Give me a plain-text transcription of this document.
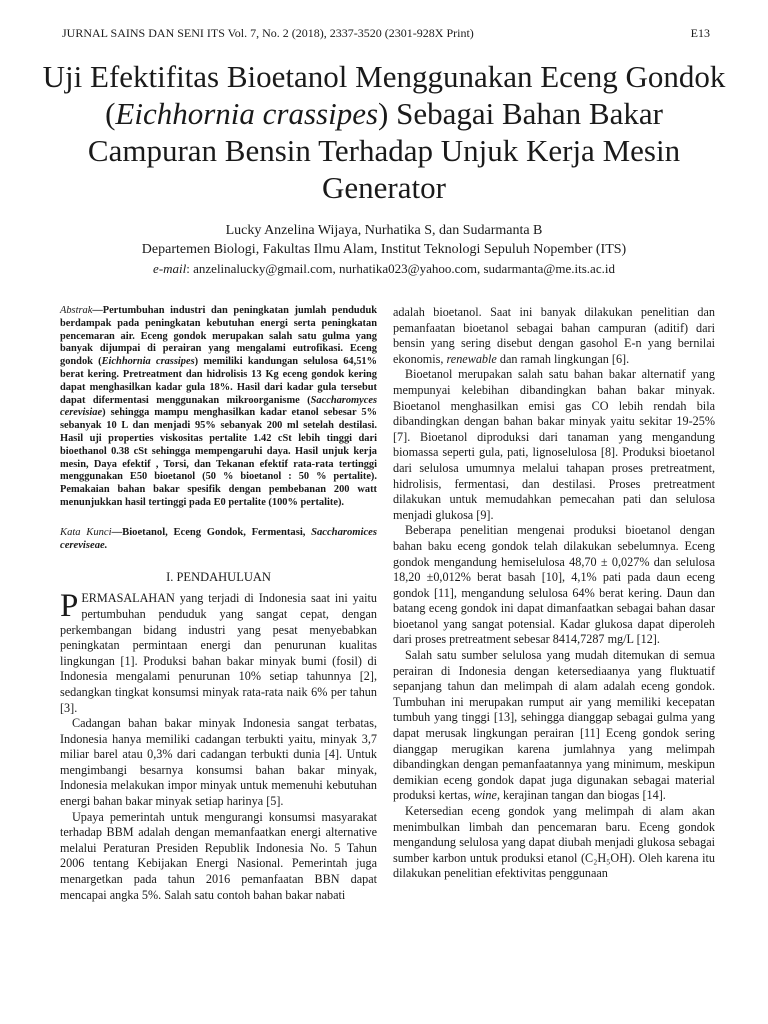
JURNAL SAINS DAN SENI ITS Vol. 7, No. 2 (2018), 2337-3520 (2301-928X Print)	E13
Uji Efektifitas Bioetanol Menggunakan Eceng Gondok (Eichhornia crassipes) Sebagai Bahan Bakar Campuran Bensin Terhadap Unjuk Kerja Mesin Generator
Lucky Anzelina Wijaya, Nurhatika S, dan Sudarmanta B
Departemen Biologi, Fakultas Ilmu Alam, Institut Teknologi Sepuluh Nopember (ITS)
e-mail: anzelinalucky@gmail.com, nurhatika023@yahoo.com, sudarmanta@me.its.ac.id

Abstrak—Pertumbuhan industri dan peningkatan jumlah penduduk berdampak pada peningkatan kebutuhan energi serta peningkatan pencemaran air. Eceng gondok merupakan salah satu gulma yang banyak dijumpai di perairan yang mengalami eutrofikasi. Eceng gondok (Eichhornia crassipes) memiliki kandungan selulosa 64,51% berat kering. Pretreatment dan hidrolisis 13 Kg eceng gondok kering dapat menghasilkan kadar gula 18%. Hasil dari kadar gula tersebut dapat difermentasi menggunakan mikroorganisme (Saccharomyces cerevisiae) sehingga mampu menghasilkan kadar etanol sebesar 5% sebanyak 10 L dan menjadi 95% sebanyak 200 ml setelah destilasi. Hasil uji properties viskositas pertalite 1.42 cSt lebih tinggi dari bioethanol 0.38 cSt sehingga mempengaruhi daya. Hasil unjuk kerja mesin, Daya efektif , Torsi, dan Tekanan efektif rata-rata tertinggi menggunakan E50 bioetanol (50 % bioetanol : 50 % pertalite). Pemakaian bahan bakar spesifik dengan pembebanan 200 watt menunjukkan hasil tertinggi pada E0 pertalite (100% pertalite).

Kata Kunci—Bioetanol, Eceng Gondok, Fermentasi, Saccharomices cereviseae.

I. PENDAHULUAN

PERMASALAHAN yang terjadi di Indonesia saat ini yaitu pertumbuhan penduduk yang sangat cepat, dengan perkembangan bidang industri yang pesat menyebabkan peningkatan permintaan energi dan penurunan kualitas lingkungan [1]. Produksi bahan bakar minyak bumi (fosil) di Indonesia mengalami penurunan 10% setiap tahunnya [2], sedangkan tingkat konsumsi minyak rata-rata naik 6% per tahun [3].

Cadangan bahan bakar minyak Indonesia sangat terbatas, Indonesia hanya memiliki cadangan terbukti yaitu, minyak 3,7 miliar barel atau 0,3% dari cadangan terbukti dunia [4]. Untuk mengimbangi besarnya konsumsi bahan bakar minyak, Indonesia melakukan impor minyak untuk memenuhi kebutuhan energi bahan bakar minyak setiap harinya [5].

Upaya pemerintah untuk mengurangi konsumsi masyarakat terhadap BBM adalah dengan memanfaatkan energi alternative melalui Peraturan Presiden Republik Indonesia No. 5 Tahun 2006 tentang Kebijakan Energi Nasional. Pemerintah juga menargetkan pada tahun 2016 pemanfaatan BBN dapat mencapai angka 5%. Salah satu contoh bahan bakar nabati

adalah bioetanol. Saat ini banyak dilakukan penelitian dan pemanfaatan bioetanol sebagai bahan campuran (aditif) dari bensin yang sering disebut dengan gasohol E-n yang bernilai ekonomis, renewable dan ramah lingkungan [6].

Bioetanol merupakan salah satu bahan bakar alternatif yang mempunyai kelebihan dibandingkan bahan bakar minyak. Bioetanol menghasilkan emisi gas CO lebih rendah bila dibandingkan dengan bahan bakar minyak yaitu sekitar 19-25% [7]. Bioetanol diproduksi dari tanaman yang mengandung biomassa seperti gula, pati, lignoselulosa [8]. Produksi bioetanol dari selulosa umumnya melalui tahapan proses pretreatment, hidrolisis, fermentasi, dan destilasi. Proses pretreatment dilakukan untuk memudahkan pemecahan pati dan selulosa menjadi glukosa [9].

Beberapa penelitian mengenai produksi bioetanol dengan bahan baku eceng gondok telah dilakukan sebelumnya. Eceng gondok mengandung hemiselulosa 48,70 ± 0,027% dan selulosa 18,20 ±0,012% berat basah [10], 4,1% pati pada daun eceng gondok [11], mengandung selulosa 64% berat kering. Daun dan batang eceng gondok ini dapat dimanfaatkan sebagai bahan dasar bioetanol yang sangat potensial. Kadar glukosa dapat diperoleh dari proses pretreatment sebesar 8414,7287 mg/L [12].

Salah satu sumber selulosa yang mudah ditemukan di semua perairan di Indonesia dengan ketersediaanya yang fluktuatif sepanjang tahun dan melimpah di alam adalah eceng gondok. Tumbuhan ini merupakan rumput air yang memiliki kecepatan tumbuh yang tinggi [13], sehingga dianggap sebagai gulma yang dapat merusak lingkungan perairan [11] Eceng gondok sering dianggap merugikan karena jumlahnya yang melimpah dibandingkan dengan pemanfaatannya yang minimum, meskipun demikian eceng gondok dapat juga digunakan sebagai material produksi kertas, wine, kerajinan tangan dan biogas [14].

Ketersedian eceng gondok yang melimpah di alam akan menimbulkan limbah dan pencemaran baru. Eceng gondok mengandung selulosa yang dapat diubah menjadi glukosa sebagai sumber karbon untuk produksi etanol (C₂H₅OH). Oleh karena itu dilakukan penelitian efektivitas penggunaan
